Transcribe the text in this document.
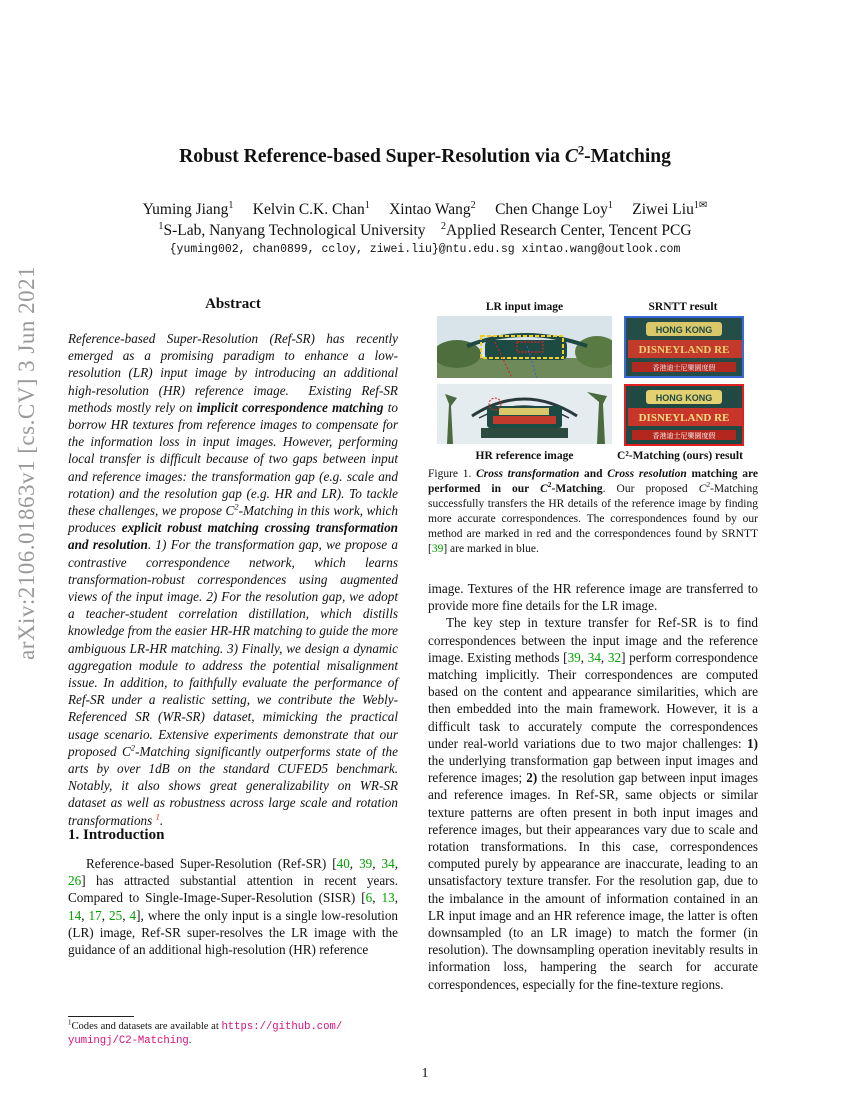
Robust Reference-based Super-Resolution via $C^2$-Matching
Yuming Jiang$^1$     Kelvin C.K. Chan$^1$     Xintao Wang$^2$     Chen Change Loy$^1$     Ziwei Liu$^{1✉}$
$^1$S-Lab, Nanyang Technological University    $^2$Applied Research Center, Tencent PCG
{yuming002, chan0899, ccloy, ziwei.liu}@ntu.edu.sg xintao.wang@outlook.com
arXiv:2106.01863v1 [cs.CV] 3 Jun 2021	Abstract
Reference-based Super-Resolution (Ref-SR) has recently emerged as a promising paradigm to enhance a low-resolution (LR) input image by introducing an additional high-resolution (HR) reference image.  Existing Ref-SR methods mostly rely on implicit correspondence matching to borrow HR textures from reference images to compensate for the information loss in input images. However, performing local transfer is difficult because of two gaps between input and reference images: the transformation gap (e.g. scale and rotation) and the resolution gap (e.g. HR and LR). To tackle these challenges, we propose $C^2$-Matching in this work, which produces explicit robust matching crossing transformation and resolution. 1) For the transformation gap, we propose a contrastive correspondence network, which learns transformation-robust correspondences using augmented views of the input image. 2) For the resolution gap, we adopt a teacher-student correlation distillation, which distills knowledge from the easier HR-HR matching to guide the more ambiguous LR-HR matching. 3) Finally, we design a dynamic aggregation module to address the potential misalignment issue. In addition, to faithfully evaluate the performance of Ref-SR under a realistic setting, we contribute the Webly-Referenced SR (WR-SR) dataset, mimicking the practical usage scenario. Extensive experiments demonstrate that our proposed $C^2$-Matching significantly outperforms state of the arts by over 1dB on the standard CUFED5 benchmark. Notably, it also shows great generalizability on WR-SR dataset as well as robustness across large scale and rotation transformations $^1$.
1. Introduction
Reference-based Super-Resolution (Ref-SR) [40, 39, 34, 26] has attracted substantial attention in recent years. Compared to Single-Image-Super-Resolution (SISR) [6, 13, 14, 17, 25, 4], where the only input is a single low-resolution (LR) image, Ref-SR super-resolves the LR image with the guidance of an additional high-resolution (HR) reference
$^1$Codes and datasets are available at https://github.com/
yumingj/C2-Matching.
1
LR input image	SRNTT result
HONG KONG
DISNEYLAND RE
香港迪士尼樂園度假
HONG KONG
DISNEYLAND RE
香港迪士尼樂園度假
HR reference image	C²-Matching (ours) result
Figure 1. Cross transformation and Cross resolution matching are performed in our $C^2$-Matching. Our proposed $C^2$-Matching successfully transfers the HR details of the reference image by finding more accurate correspondences. The correspondences found by our method are marked in red and the correspondences found by SRNTT [39] are marked in blue.

image. Textures of the HR reference image are transferred to provide more fine details for the LR image.

The key step in texture transfer for Ref-SR is to find correspondences between the input image and the reference image. Existing methods [39, 34, 32] perform correspondence matching implicitly. Their correspondences are computed based on the content and appearance similarities, which are then embedded into the main framework. However, it is a difficult task to accurately compute the correspondences under real-world variations due to two major challenges: 1) the underlying transformation gap between input images and reference images; 2) the resolution gap between input images and reference images. In Ref-SR, same objects or similar texture patterns are often present in both input images and reference images, but their appearances vary due to scale and rotation transformations. In this case, correspondences computed purely by appearance are inaccurate, leading to an unsatisfactory texture transfer. For the resolution gap, due to the imbalance in the amount of information contained in an LR input image and an HR reference image, the latter is often downsampled (to an LR image) to match the former (in resolution). The downsampling operation inevitably results in information loss, hampering the search for accurate correspondences, especially for the fine-texture regions.
